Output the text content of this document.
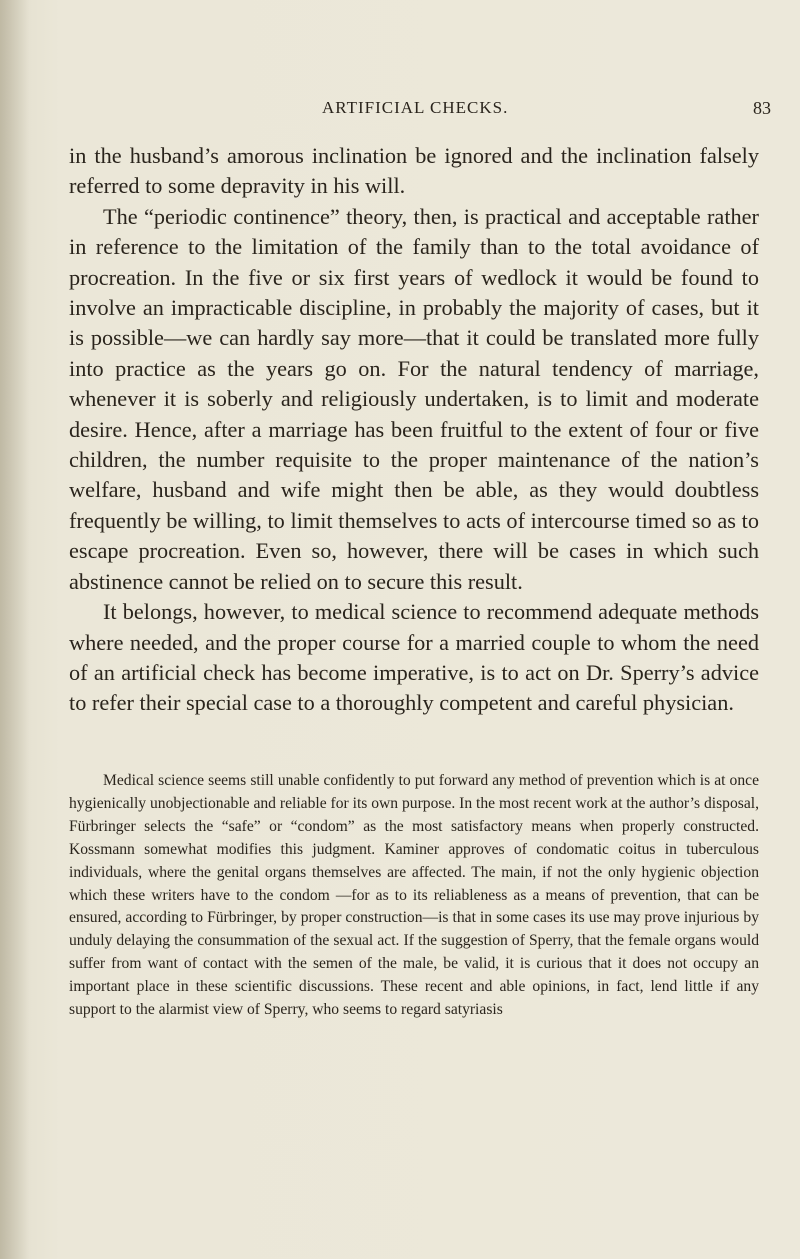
ARTIFICIAL CHECKS.	83

in the husband’s amorous inclination be ignored and the inclination falsely referred to some depravity in his will.

The “periodic continence” theory, then, is practical and acceptable rather in reference to the limitation of the family than to the total avoidance of procreation. In the five or six first years of wedlock it would be found to involve an impracticable discipline, in probably the majority of cases, but it is possible—we can hardly say more—that it could be translated more fully into practice as the years go on. For the natural tendency of marriage, whenever it is soberly and religiously undertaken, is to limit and moderate desire. Hence, after a marriage has been fruitful to the extent of four or five children, the number requisite to the proper maintenance of the nation’s welfare, husband and wife might then be able, as they would doubtless frequently be willing, to limit themselves to acts of intercourse timed so as to escape procreation. Even so, however, there will be cases in which such abstinence cannot be relied on to secure this result.

It belongs, however, to medical science to recommend adequate methods where needed, and the proper course for a married couple to whom the need of an artificial check has become imperative, is to act on Dr. Sperry’s advice to refer their special case to a thoroughly competent and careful physician.

Medical science seems still unable confidently to put forward any method of prevention which is at once hygienically unobjectionable and reliable for its own purpose. In the most recent work at the author’s disposal, Fürbringer selects the “safe” or “condom” as the most satisfactory means when properly constructed. Kossmann somewhat modifies this judgment. Kaminer approves of condomatic coitus in tuberculous individuals, where the genital organs themselves are affected. The main, if not the only hygienic objection which these writers have to the condom —for as to its reliableness as a means of prevention, that can be ensured, according to Fürbringer, by proper construction—is that in some cases its use may prove injurious by unduly delaying the consummation of the sexual act. If the suggestion of Sperry, that the female organs would suffer from want of contact with the semen of the male, be valid, it is curious that it does not occupy an important place in these scientific discussions. These recent and able opinions, in fact, lend little if any support to the alarmist view of Sperry, who seems to regard satyriasis
